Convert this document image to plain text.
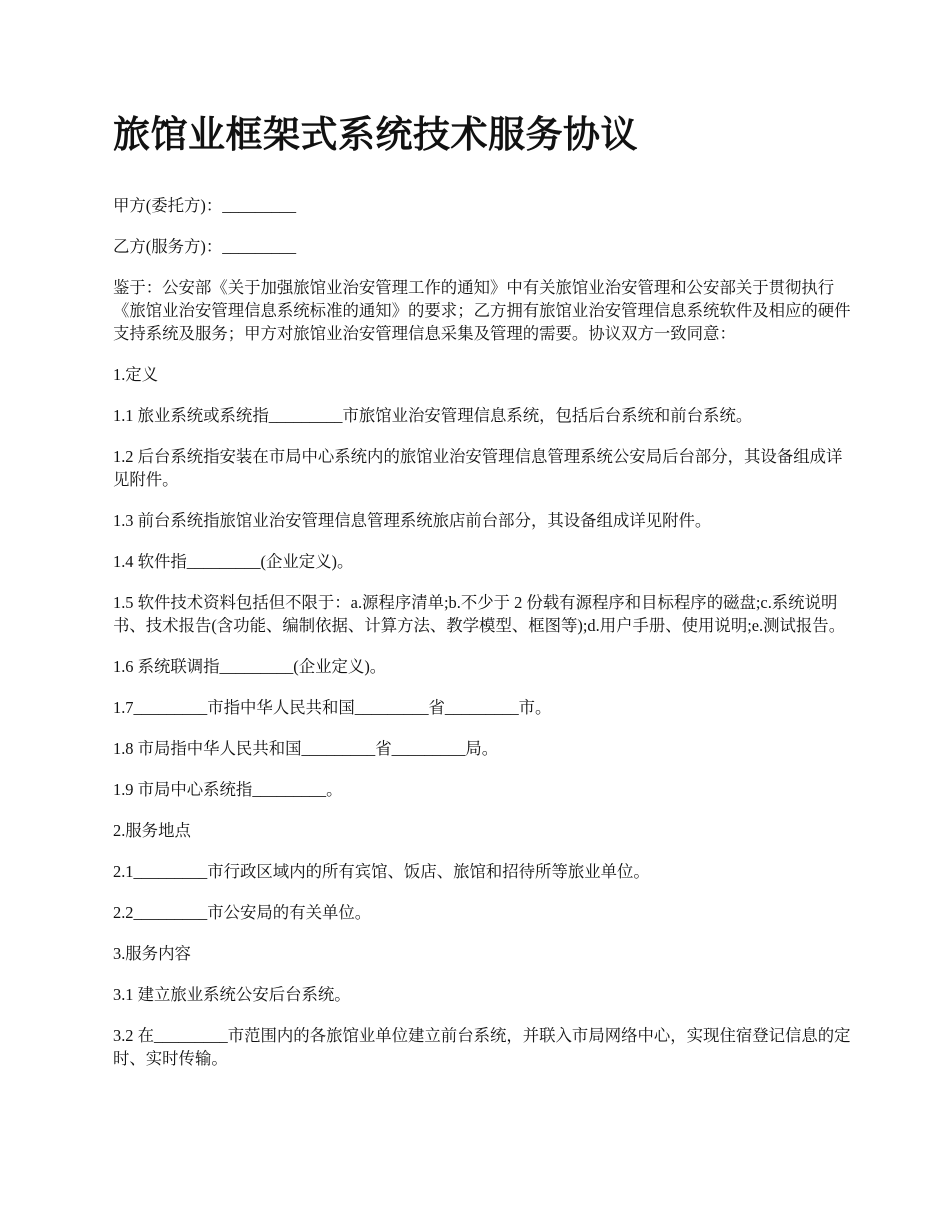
旅馆业框架式系统技术服务协议

甲方(委托方)：_________

乙方(服务方)：_________

鉴于：公安部《关于加强旅馆业治安管理工作的通知》中有关旅馆业治安管理和公安部关于贯彻执行《旅馆业治安管理信息系统标准的通知》的要求；乙方拥有旅馆业治安管理信息系统软件及相应的硬件支持系统及服务；甲方对旅馆业治安管理信息采集及管理的需要。协议双方一致同意：

1.定义

1.1 旅业系统或系统指_________市旅馆业治安管理信息系统，包括后台系统和前台系统。

1.2 后台系统指安装在市局中心系统内的旅馆业治安管理信息管理系统公安局后台部分，其设备组成详见附件。

1.3 前台系统指旅馆业治安管理信息管理系统旅店前台部分，其设备组成详见附件。

1.4 软件指_________(企业定义)。

1.5 软件技术资料包括但不限于：a.源程序清单;b.不少于 2 份载有源程序和目标程序的磁盘;c.系统说明书、技术报告(含功能、编制依据、计算方法、教学模型、框图等);d.用户手册、使用说明;e.测试报告。

1.6 系统联调指_________(企业定义)。

1.7_________市指中华人民共和国_________省_________市。

1.8 市局指中华人民共和国_________省_________局。

1.9 市局中心系统指_________。

2.服务地点

2.1_________市行政区域内的所有宾馆、饭店、旅馆和招待所等旅业单位。

2.2_________市公安局的有关单位。

3.服务内容

3.1 建立旅业系统公安后台系统。

3.2 在_________市范围内的各旅馆业单位建立前台系统，并联入市局网络中心，实现住宿登记信息的定时、实时传输。
